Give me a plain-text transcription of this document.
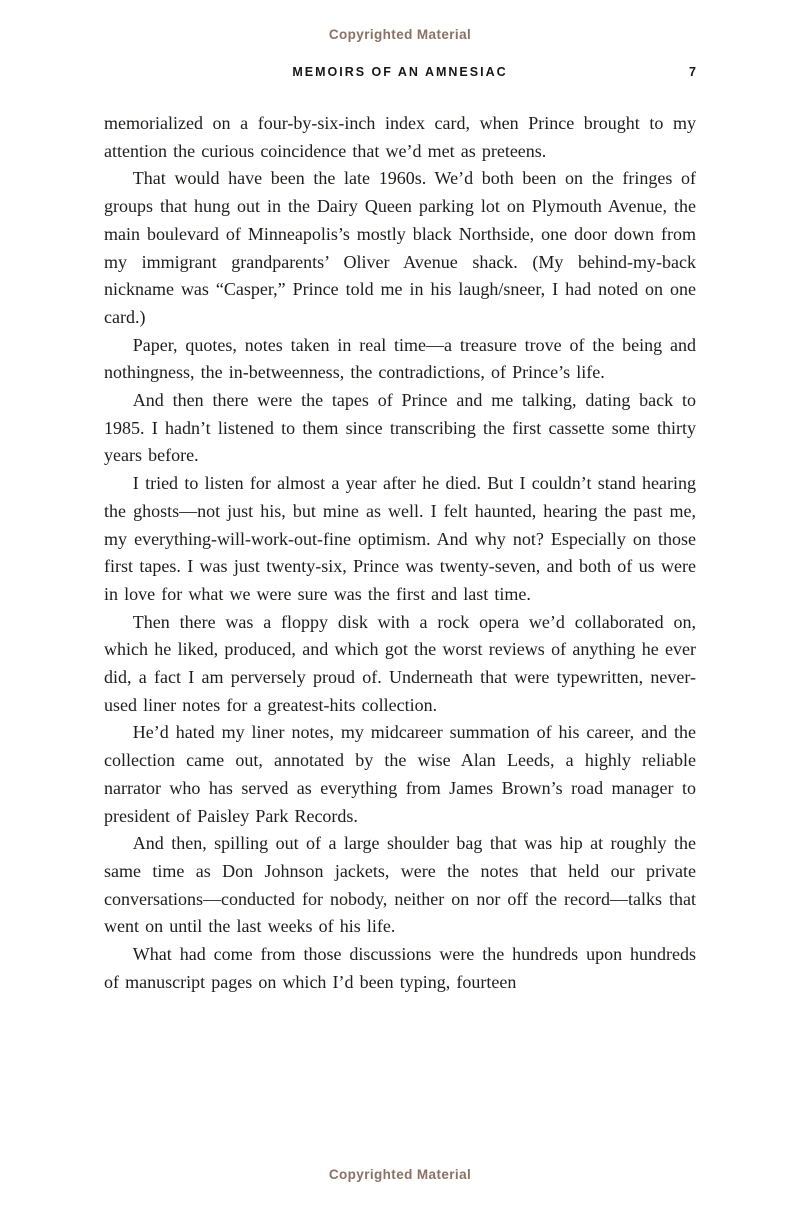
Copyrighted Material
MEMOIRS OF AN AMNESIAC	7

memorialized on a four-by-six-inch index card, when Prince brought to my attention the curious coincidence that we’d met as preteens.

That would have been the late 1960s. We’d both been on the fringes of groups that hung out in the Dairy Queen parking lot on Plymouth Avenue, the main boulevard of Minneapolis’s mostly black Northside, one door down from my immigrant grandparents’ Oliver Avenue shack. (My behind-my-back nickname was “Casper,” Prince told me in his laugh/sneer, I had noted on one card.)

Paper, quotes, notes taken in real time—a treasure trove of the being and nothingness, the in-betweenness, the contradictions, of Prince’s life.

And then there were the tapes of Prince and me talking, dating back to 1985. I hadn’t listened to them since transcribing the first cassette some thirty years before.

I tried to listen for almost a year after he died. But I couldn’t stand hearing the ghosts—not just his, but mine as well. I felt haunted, hearing the past me, my everything-will-work-out-fine optimism. And why not? Especially on those first tapes. I was just twenty-six, Prince was twenty-seven, and both of us were in love for what we were sure was the first and last time.

Then there was a floppy disk with a rock opera we’d collaborated on, which he liked, produced, and which got the worst reviews of anything he ever did, a fact I am perversely proud of. Underneath that were typewritten, never-used liner notes for a greatest-hits collection.

He’d hated my liner notes, my midcareer summation of his career, and the collection came out, annotated by the wise Alan Leeds, a highly reliable narrator who has served as everything from James Brown’s road manager to president of Paisley Park Records.

And then, spilling out of a large shoulder bag that was hip at roughly the same time as Don Johnson jackets, were the notes that held our private conversations—conducted for nobody, neither on nor off the record—talks that went on until the last weeks of his life.

What had come from those discussions were the hundreds upon hundreds of manuscript pages on which I’d been typing, fourteen

Copyrighted Material
